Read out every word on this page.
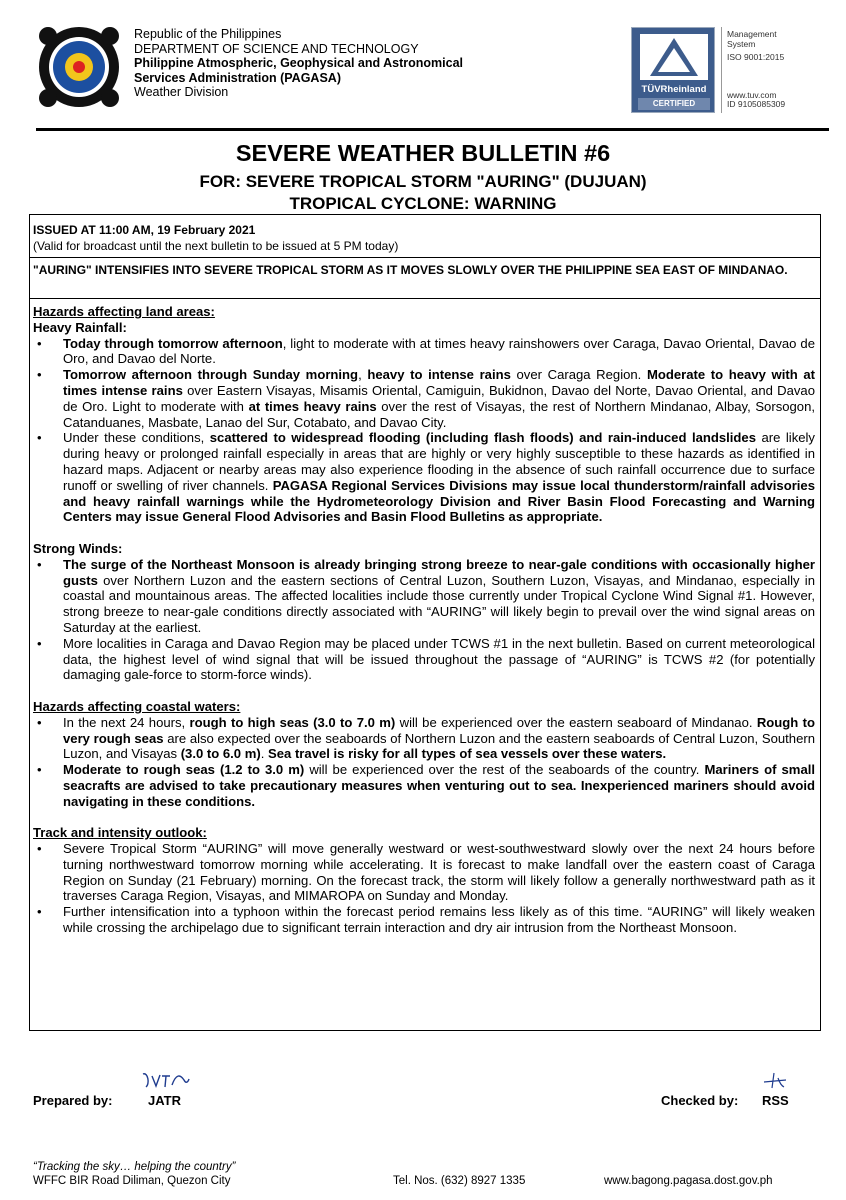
Republic of the Philippines
DEPARTMENT OF SCIENCE AND TECHNOLOGY
Philippine Atmospheric, Geophysical and Astronomical
Services Administration (PAGASA)
Weather Division	TÜVRheinland
CERTIFIED
Management
System
ISO 9001:2015
www.tuv.com
ID 9105085309
SEVERE WEATHER BULLETIN #6
FOR: SEVERE TROPICAL STORM "AURING" (DUJUAN)
TROPICAL CYCLONE: WARNING
ISSUED AT 11:00 AM, 19 February 2021
(Valid for broadcast until the next bulletin to be issued at 5 PM today)
"AURING" INTENSIFIES INTO SEVERE TROPICAL STORM AS IT MOVES SLOWLY OVER THE PHILIPPINE SEA EAST OF MINDANAO.
Hazards affecting land areas:
Heavy Rainfall:
• Today through tomorrow afternoon, light to moderate with at times heavy rainshowers over Caraga, Davao Oriental, Davao de Oro, and Davao del Norte.
• Tomorrow afternoon through Sunday morning, heavy to intense rains over Caraga Region. Moderate to heavy with at times intense rains over Eastern Visayas, Misamis Oriental, Camiguin, Bukidnon, Davao del Norte, Davao Oriental, and Davao de Oro. Light to moderate with at times heavy rains over the rest of Visayas, the rest of Northern Mindanao, Albay, Sorsogon, Catanduanes, Masbate, Lanao del Sur, Cotabato, and Davao City.
• Under these conditions, scattered to widespread flooding (including flash floods) and rain-induced landslides are likely during heavy or prolonged rainfall especially in areas that are highly or very highly susceptible to these hazards as identified in hazard maps. Adjacent or nearby areas may also experience flooding in the absence of such rainfall occurrence due to surface runoff or swelling of river channels. PAGASA Regional Services Divisions may issue local thunderstorm/rainfall advisories and heavy rainfall warnings while the Hydrometeorology Division and River Basin Flood Forecasting and Warning Centers may issue General Flood Advisories and Basin Flood Bulletins as appropriate.
Strong Winds:
• The surge of the Northeast Monsoon is already bringing strong breeze to near-gale conditions with occasionally higher gusts over Northern Luzon and the eastern sections of Central Luzon, Southern Luzon, Visayas, and Mindanao, especially in coastal and mountainous areas. The affected localities include those currently under Tropical Cyclone Wind Signal #1. However, strong breeze to near-gale conditions directly associated with “AURING” will likely begin to prevail over the wind signal areas on Saturday at the earliest.
• More localities in Caraga and Davao Region may be placed under TCWS #1 in the next bulletin. Based on current meteorological data, the highest level of wind signal that will be issued throughout the passage of “AURING” is TCWS #2 (for potentially damaging gale-force to storm-force winds).
Hazards affecting coastal waters:
• In the next 24 hours, rough to high seas (3.0 to 7.0 m) will be experienced over the eastern seaboard of Mindanao. Rough to very rough seas are also expected over the seaboards of Northern Luzon and the eastern seaboards of Central Luzon, Southern Luzon, and Visayas (3.0 to 6.0 m). Sea travel is risky for all types of sea vessels over these waters.
• Moderate to rough seas (1.2 to 3.0 m) will be experienced over the rest of the seaboards of the country. Mariners of small seacrafts are advised to take precautionary measures when venturing out to sea. Inexperienced mariners should avoid navigating in these conditions.
Track and intensity outlook:
• Severe Tropical Storm “AURING” will move generally westward or west-southwestward slowly over the next 24 hours before turning northwestward tomorrow morning while accelerating. It is forecast to make landfall over the eastern coast of Caraga Region on Sunday (21 February) morning. On the forecast track, the storm will likely follow a generally northwestward path as it traverses Caraga Region, Visayas, and MIMAROPA on Sunday and Monday.
• Further intensification into a typhoon within the forecast period remains less likely as of this time. “AURING” will likely weaken while crossing the archipelago due to significant terrain interaction and dry air intrusion from the Northeast Monsoon.
Prepared by:	JATR	Checked by: RSS
“Tracking the sky… helping the country”
WFFC BIR Road Diliman, Quezon City	Tel. Nos. (632) 8927 1335	www.bagong.pagasa.dost.gov.ph
